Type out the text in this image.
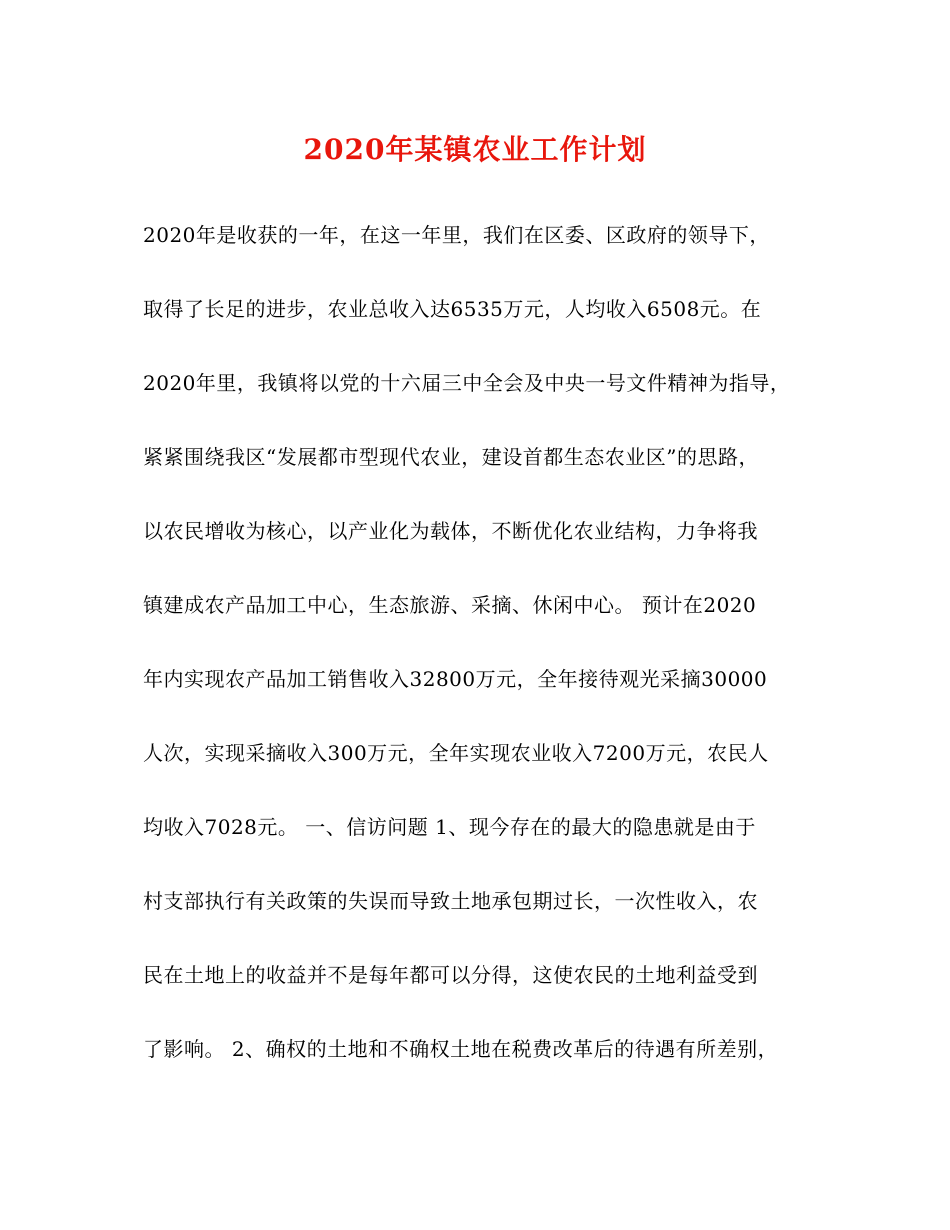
2020年某镇农业工作计划
2020年是收获的一年，在这一年里，我们在区委、区政府的领导下，
取得了长足的进步，农业总收入达6535万元，人均收入6508元。在
2020年里，我镇将以党的十六届三中全会及中央一号文件精神为指导，
紧紧围绕我区“发展都市型现代农业，建设首都生态农业区”的思路，
以农民增收为核心，以产业化为载体，不断优化农业结构，力争将我
镇建成农产品加工中心，生态旅游、采摘、休闲中心。 预计在2020
年内实现农产品加工销售收入32800万元，全年接待观光采摘30000
人次，实现采摘收入300万元，全年实现农业收入7200万元，农民人
均收入7028元。 一、信访问题 1、现今存在的最大的隐患就是由于
村支部执行有关政策的失误而导致土地承包期过长，一次性收入，农
民在土地上的收益并不是每年都可以分得，这使农民的土地利益受到
了影响。 2、确权的土地和不确权土地在税费改革后的待遇有所差别，
